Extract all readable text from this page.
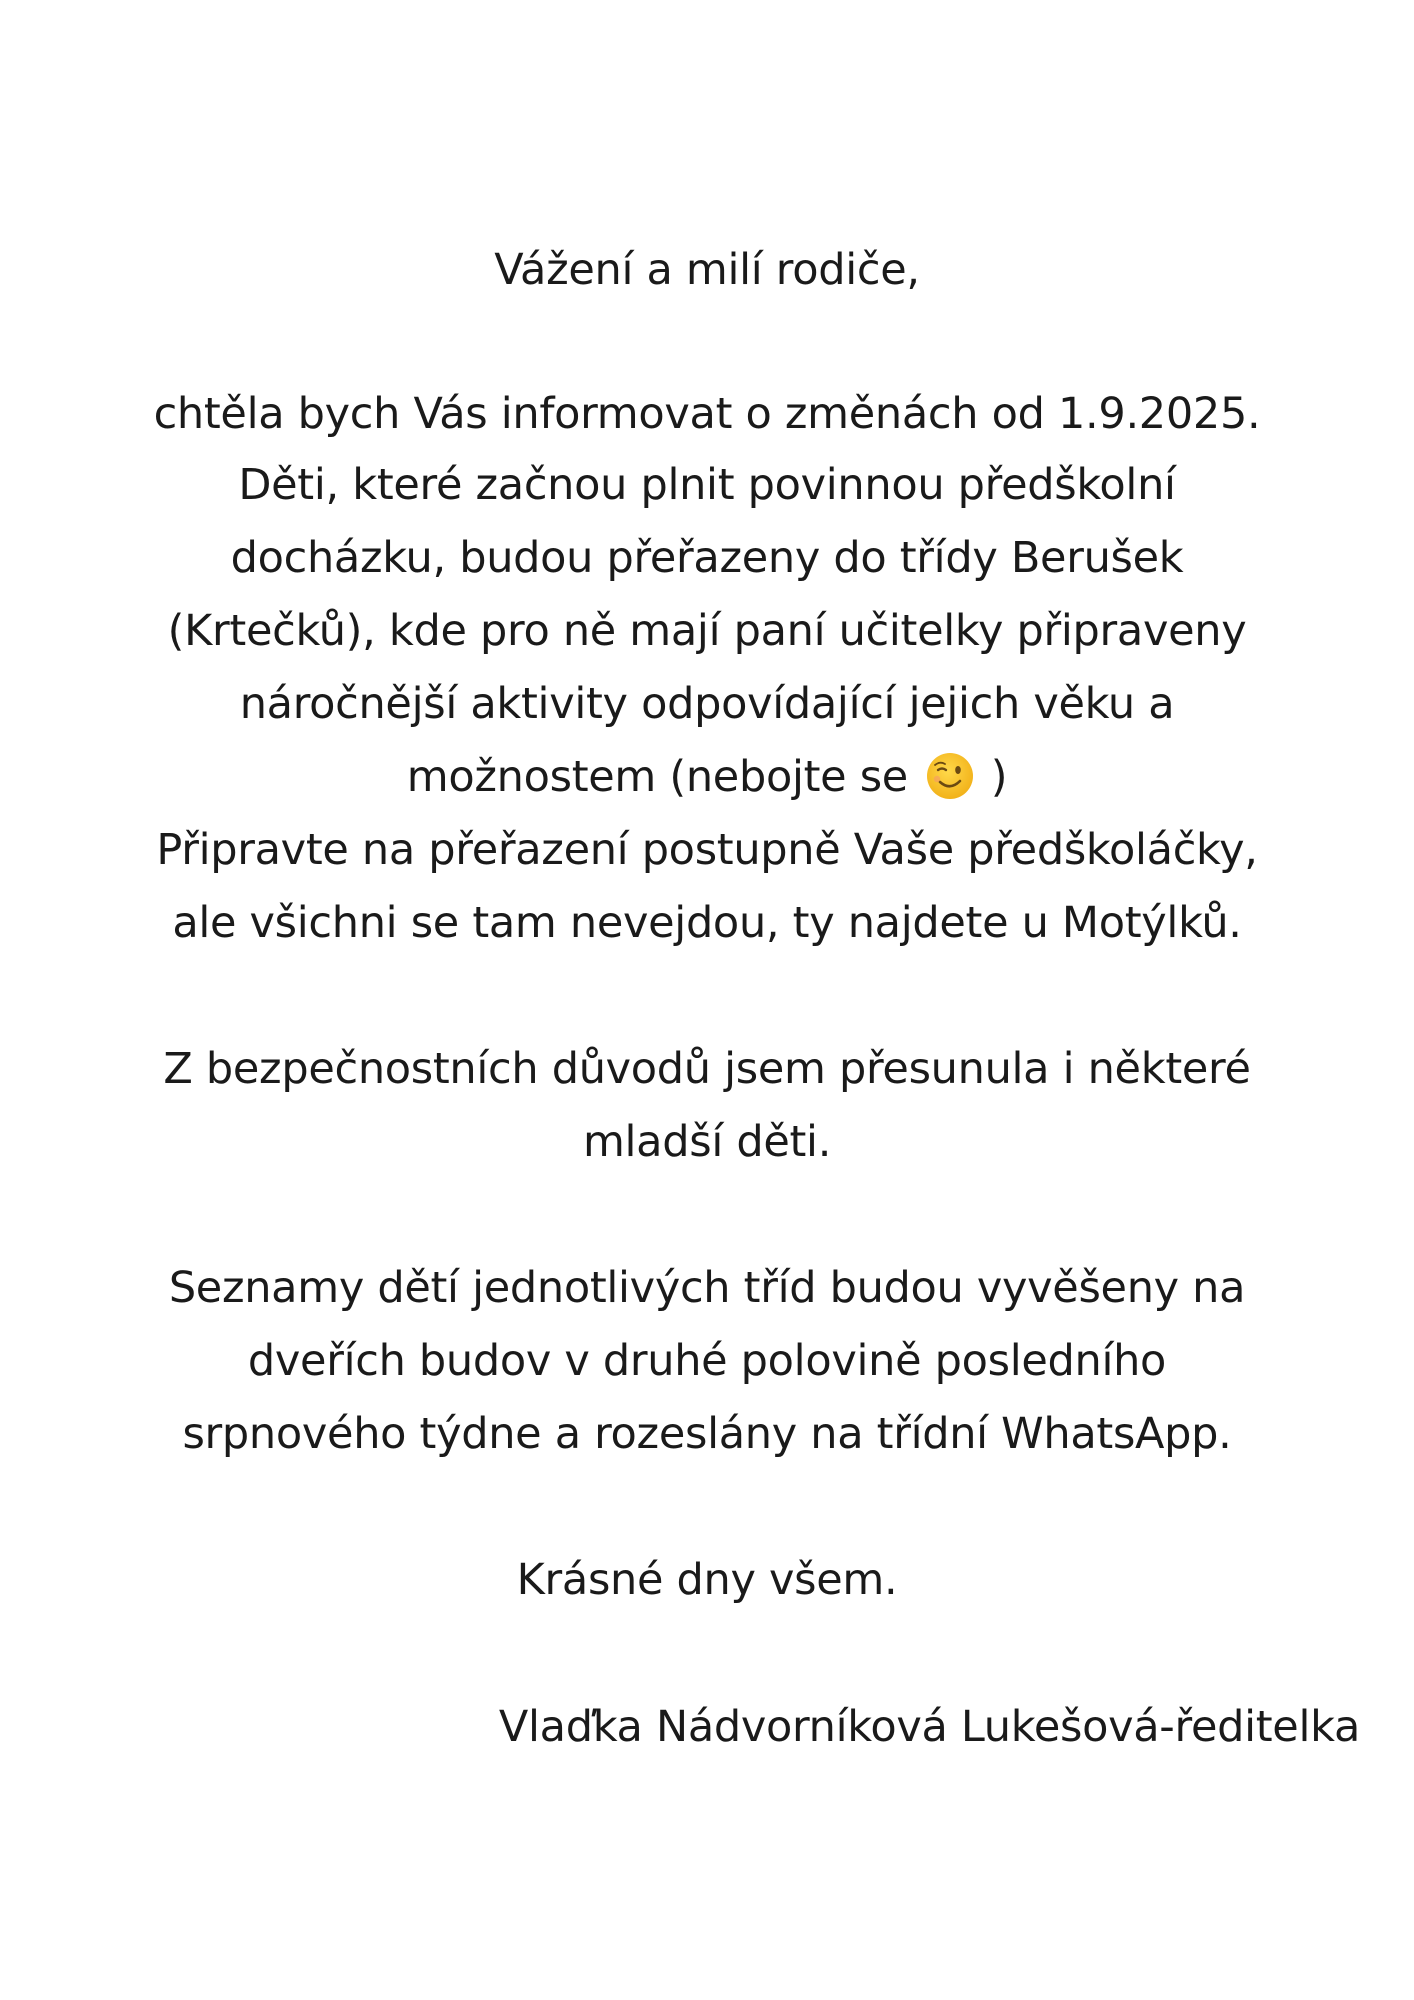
Vážení a milí rodiče,
chtěla bych Vás informovat o změnách od 1.9.2025.
Děti, které začnou plnit povinnou předškolní
docházku, budou přeřazeny do třídy Berušek
(Krtečků), kde pro ně mají paní učitelky připraveny
náročnější aktivity odpovídající jejich věku a
možnostem (nebojte se )
Připravte na přeřazení postupně Vaše předškoláčky,
ale všichni se tam nevejdou, ty najdete u Motýlků.
Z bezpečnostních důvodů jsem přesunula i některé
mladší děti.
Seznamy dětí jednotlivých tříd budou vyvěšeny na
dveřích budov v druhé polovině posledního
srpnového týdne a rozeslány na třídní WhatsApp.
Krásné dny všem.
Vlaďka Nádvorníková Lukešová-ředitelka
